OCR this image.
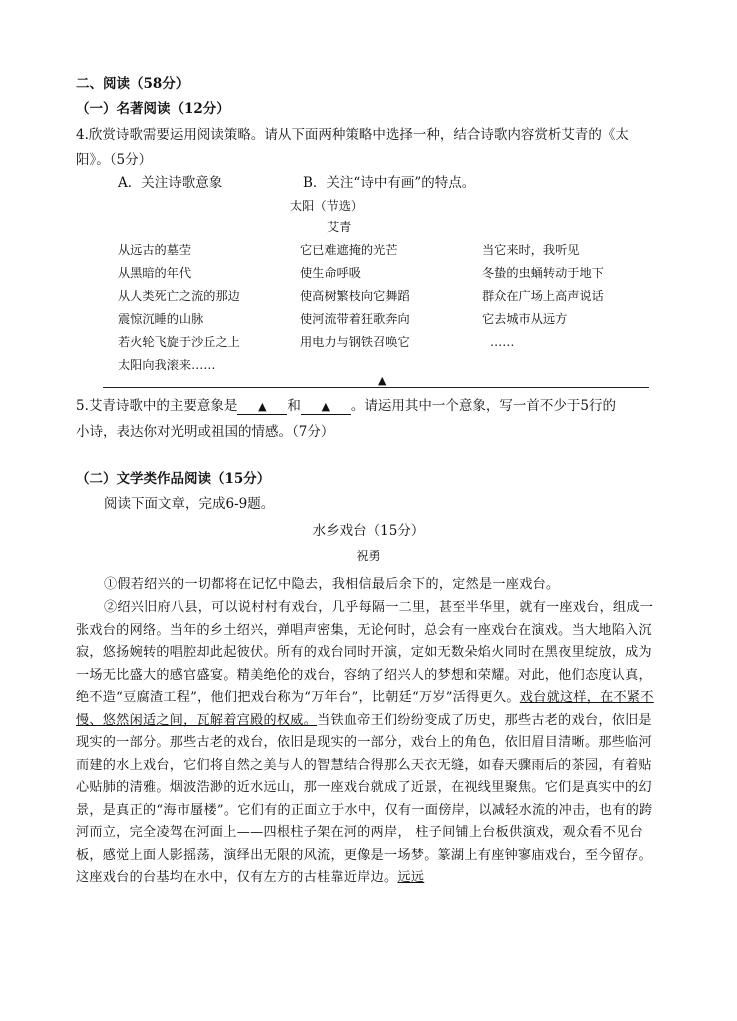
二、阅读（58分）
（一）名著阅读（12分）
4.欣赏诗歌需要运用阅读策略。请从下面两种策略中选择一种，结合诗歌内容赏析艾青的《太
阳》。（5分）
A．关注诗歌意象	B．关注“诗中有画”的特点。
太阳（节选）
艾青
从远古的墓茔
从黑暗的年代
从人类死亡之流的那边
震惊沉睡的山脉
若火轮飞旋于沙丘之上
太阳向我滚来……
它已难遮掩的光芒
使生命呼吸
使高树繁枝向它舞蹈
使河流带着狂歌奔向
用电力与钢铁召唤它
当它来时，我听见
冬蛰的虫蛹转动于地下
群众在广场上高声说话
它去城市从远方
……
▲
5.艾青诗歌中的主要意象是 ▲ 和 ▲ 。请运用其中一个意象，写一首不少于5行的
小诗，表达你对光明或祖国的情感。（7分）
（二）文学类作品阅读（15分）
阅读下面文章，完成6-9题。
水乡戏台（15分）
祝勇
①假若绍兴的一切都将在记忆中隐去，我相信最后余下的，定然是一座戏台。
②绍兴旧府八县，可以说村村有戏台，几乎每隔一二里，甚至半华里，就有一座戏台，组成一张戏台的网络。当年的乡土绍兴，弹唱声密集，无论何时，总会有一座戏台在演戏。当大地陷入沉寂，悠扬婉转的唱腔却此起彼伏。所有的戏台同时开演，定如无数朵焰火同时在黑夜里绽放，成为一场无比盛大的感官盛宴。精美绝伦的戏台，容纳了绍兴人的梦想和荣耀。对此，他们态度认真，绝不造“豆腐渣工程”，他们把戏台称为“万年台”，比朝廷“万岁”活得更久。戏台就这样，在不紧不慢、悠然闲适之间，瓦解着宫殿的权威。当铁血帝王们纷纷变成了历史，那些古老的戏台，依旧是现实的一部分。那些古老的戏台，依旧是现实的一部分，戏台上的角色，依旧眉目清晰。那些临河而建的水上戏台，它们将自然之美与人的智慧结合得那么天衣无缝，如春天骤雨后的茶园，有着贴心贴肺的清雅。烟波浩渺的近水远山，那一座戏台就成了近景，在视线里聚焦。它们是真实中的幻景，是真正的“海市蜃楼”。它们有的正面立于水中，仅有一面傍岸，以减轻水流的冲击，也有的跨河而立，完全凌驾在河面上——四根柱子架在河的两岸， 柱子间铺上台板供演戏，观众看不见台板，感觉上面人影摇荡，演绎出无限的风流，更像是一场梦。篆湖上有座钟寥庙戏台，至今留存。这座戏台的台基均在水中，仅有左方的古桂靠近岸边。远远
